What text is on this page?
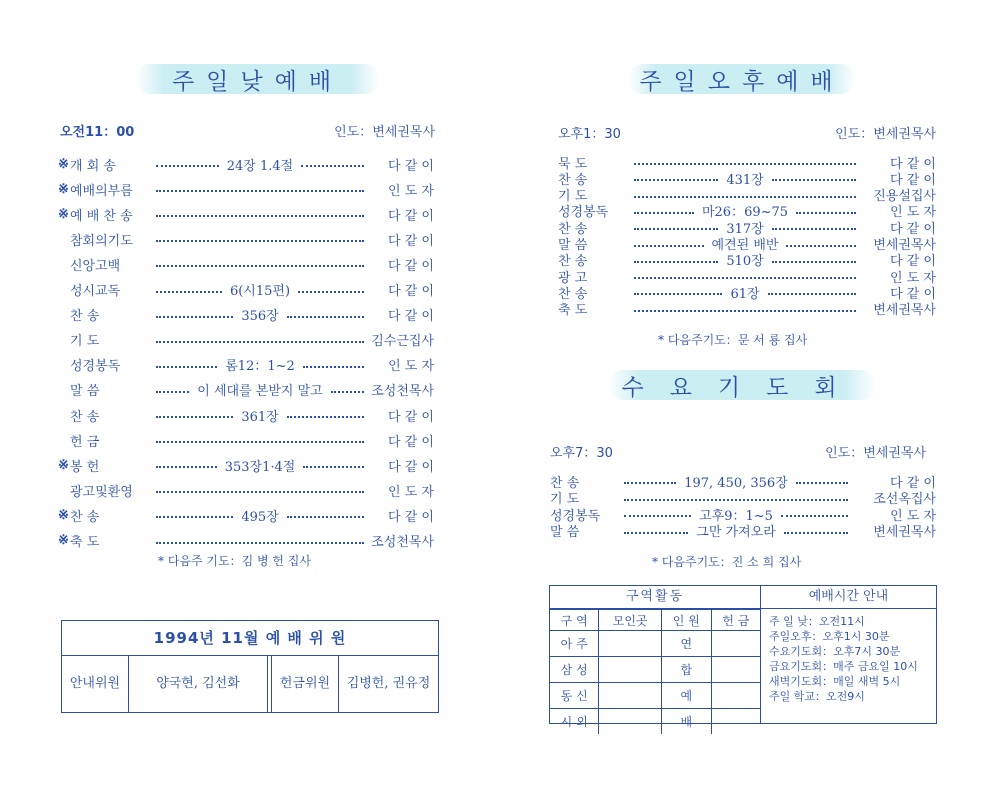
주일낮예배
오전11：00	인도：변세권목사
※ 개 회 송	24장 1.4절	다 같 이
※ 예배의부름	인 도 자
※ 예 배 찬 송	다 같 이
참회의기도	다 같 이
신앙고백	다 같 이
성시교독	6(시15편)	다 같 이
찬 송	356장	다 같 이
기 도	김수근집사
성경봉독	롬12：1~2	인 도 자
말 씀	이 세대를 본받지 말고	조성천목사
찬 송	361장	다 같 이
헌 금	다 같 이
※ 봉 헌	353장1·4절	다 같 이
광고및환영	인 도 자
※ 찬 송	495장	다 같 이
※ 축 도	조성천목사
* 다음주 기도：김 병 헌 집사
1994년 11월 예 배 위 원
안내위원	양국현, 김선화	헌금위원	김병헌, 권유정
주일오후예배
오후1：30	인도：변세권목사
묵 도	다 같 이
찬 송	431장	다 같 이
기 도	진용설집사
성경봉독	마26：69~75	인 도 자
찬 송	317장	다 같 이
말 씀	예견된 배반	변세권목사
찬 송	510장	다 같 이
광 고	인 도 자
찬 송	61장	다 같 이
축 도	변세권목사
* 다음주기도：문 서 룡 집사
수요기도회
오후7：30	인도：변세권목사
찬 송	197, 450, 356장	다 같 이
기 도	조선옥집사
성경봉독	고후9：1~5	인 도 자
말 씀	그만 가져오라	변세권목사
* 다음주기도：진 소 희 집사
구역활동	예배시간 안내
구 역	모인곳	인 원	헌 금
아 주		연	
삼 성		합	
동 신		예	
시 외		배	
주 일 낮：오전11시
주일오후：오후1시 30분
수요기도회：오후7시 30분
금요기도회：매주 금요일 10시
새벽기도회：매일 새벽 5시
주일 학교：오전9시
